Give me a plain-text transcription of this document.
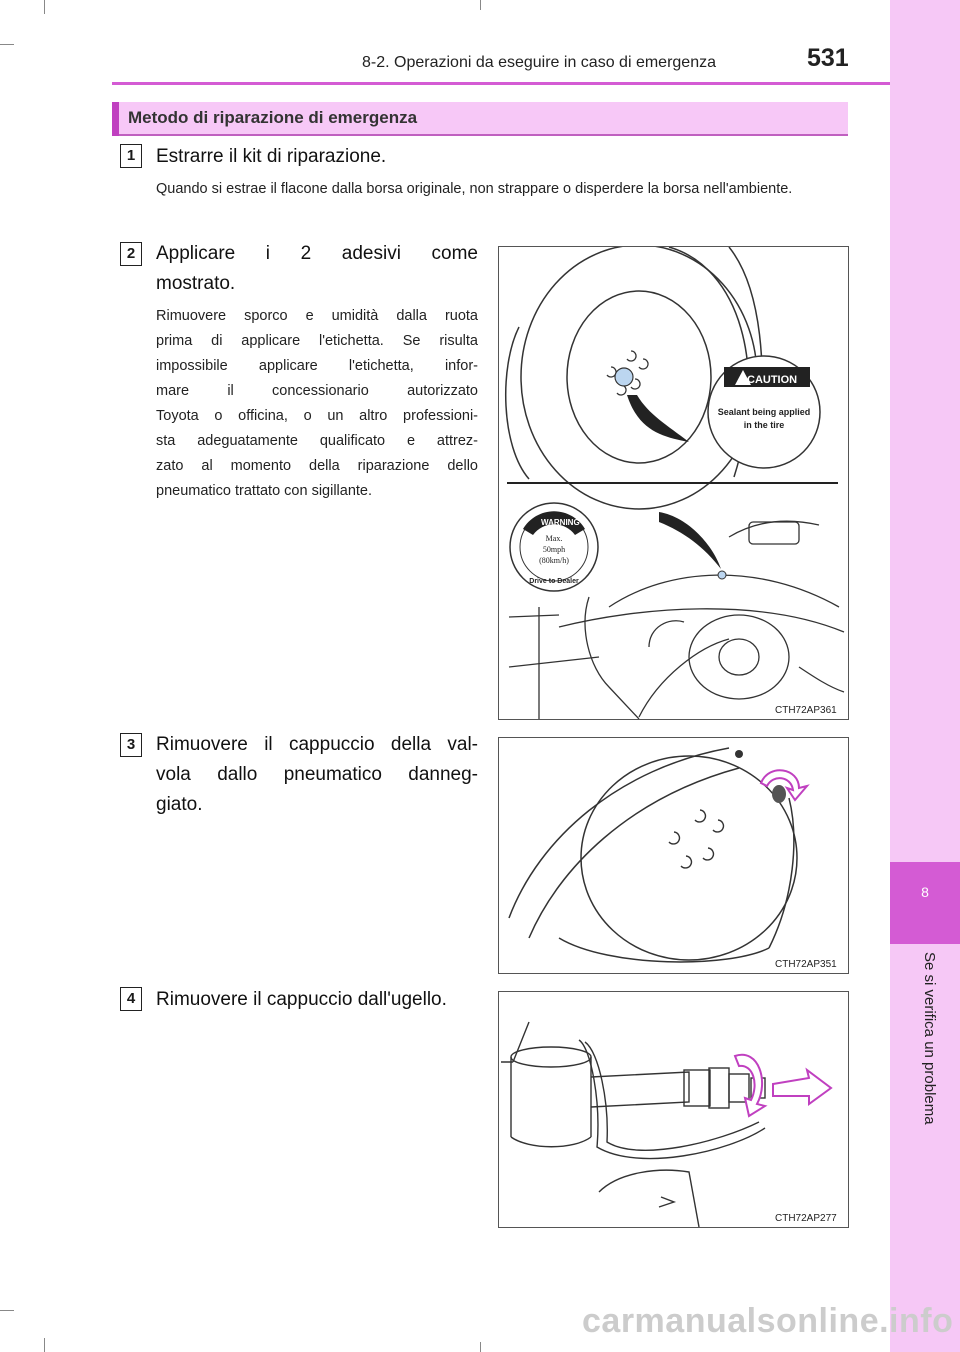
8
Se si verifica un problema
8-2. Operazioni da eseguire in caso di emergenza	531
Metodo di riparazione di emergenza
1	Estrarre il kit di riparazione.
Quando si estrae il flacone dalla borsa originale, non strappare o disperdere la borsa nell'ambiente.
2	Applicare i 2 adesivi come
mostrato.
Rimuovere sporco e umidità dalla ruota
prima di applicare l'etichetta. Se risulta
impossibile applicare l'etichetta, infor-
mare il concessionario autorizzato
Toyota o officina, o un altro professioni-
sta adeguatamente qualificato e attrez-
zato al momento della riparazione dello
pneumatico trattato con sigillante.
CAUTION
Sealant being applied
in the tire
WARNING
Max.
50mph
(80km/h)
Drive to Dealer
CTH72AP361
3	Rimuovere il cappuccio della val-
vola dallo pneumatico danneg-
giato.
CTH72AP351
4	Rimuovere il cappuccio dall'ugello.
CTH72AP277
carmanualsonline.info
